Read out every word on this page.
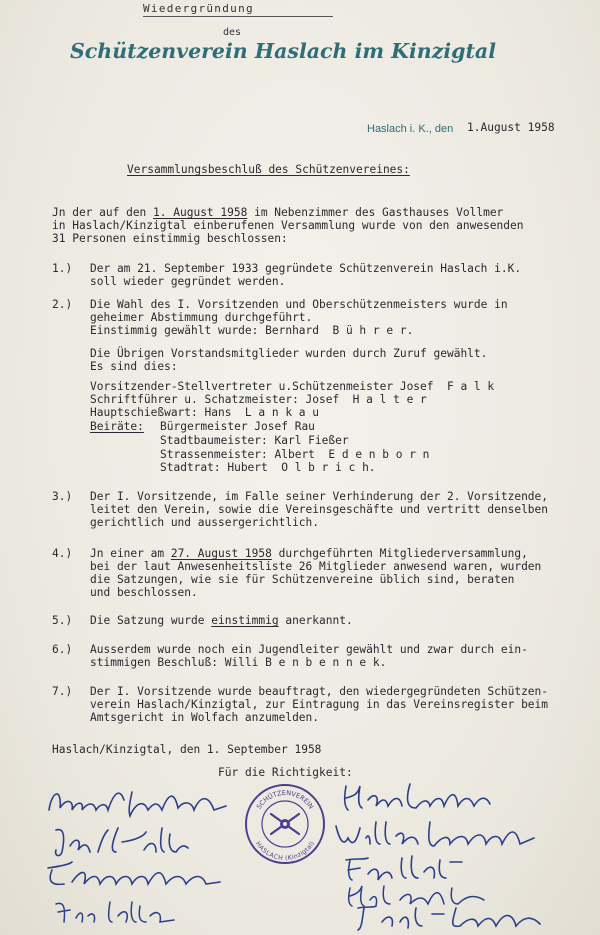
Wiedergründung
des
Schützenverein Haslach im Kinzigtal
Haslach i. K., den 1.August 1958
Versammlungsbeschluß des Schützenvereines:
Jn der auf den 1. August 1958 im Nebenzimmer des Gasthauses Vollmer
in Haslach/Kinzigtal einberufenen Versammlung wurde von den anwesenden
31 Personen einstimmig beschlossen:
1.) Der am 21. September 1933 gegründete Schützenverein Haslach i.K.
soll wieder gegründet werden.
2.) Die Wahl des I. Vorsitzenden und Oberschützenmeisters wurde in
geheimer Abstimmung durchgeführt.
Einstimmig gewählt wurde: Bernhard  B ü h r e r.
Die Übrigen Vorstandsmitglieder wurden durch Zuruf gewählt.
Es sind dies:
Vorsitzender-Stellvertreter u.Schützenmeister Josef  F a l k
Schriftführer u. Schatzmeister: Josef  H a l t e r
Hauptschießwart: Hans  L a n k a u
Beiräte: Bürgermeister Josef Rau
Stadtbaumeister: Karl Fießer
Strassenmeister: Albert  E d e n b o r n
Stadtrat: Hubert  O l b r i c h.
3.) Der I. Vorsitzende, im Falle seiner Verhinderung der 2. Vorsitzende,
leitet den Verein, sowie die Vereinsgeschäfte und vertritt denselben
gerichtlich und aussergerichtlich.
4.) Jn einer am 27. August 1958 durchgeführten Mitgliederversammlung,
bei der laut Anwesenheitsliste 26 Mitglieder anwesend waren, wurden
die Satzungen, wie sie für Schützenvereine üblich sind, beraten
und beschlossen.
5.) Die Satzung wurde einstimmig anerkannt.
6.) Ausserdem wurde noch ein Jugendleiter gewählt und zwar durch ein-
stimmigen Beschluß: Willi B e n b e n n e k.
7.) Der I. Vorsitzende wurde beauftragt, den wiedergegründeten Schützen-
verein Haslach/Kinzigtal, zur Eintragung in das Vereinsregister beim
Amtsgericht in Wolfach anzumelden.
Haslach/Kinzigtal, den 1. September 1958
Für die Richtigkeit:
SCHÜTZENVEREIN
HASLACH (Kinzigtal)
